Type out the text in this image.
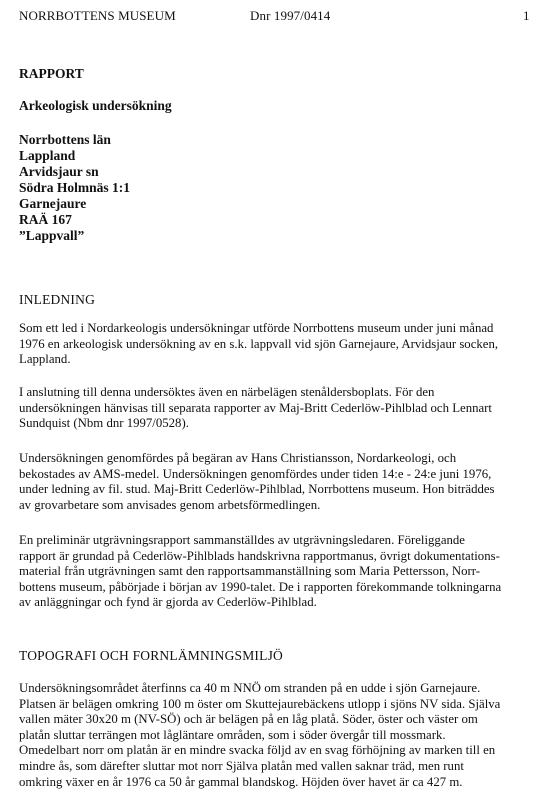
NORRBOTTENS MUSEUM	Dnr 1997/0414	1
RAPPORT
Arkeologisk undersökning
Norrbottens län
Lappland
Arvidsjaur sn
Södra Holmnäs 1:1
Garnejaure
RAÄ 167
”Lappvall”
INLEDNING
Som ett led i Nordarkeologis undersökningar utförde Norrbottens museum under juni månad
1976 en arkeologisk undersökning av en s.k. lappvall vid sjön Garnejaure, Arvidsjaur socken,
Lappland.
I anslutning till denna undersöktes även en närbelägen stenåldersboplats. För den
undersökningen hänvisas till separata rapporter av Maj-Britt Cederlöw-Pihlblad och Lennart
Sundquist (Nbm dnr 1997/0528).
Undersökningen genomfördes på begäran av Hans Christiansson, Nordarkeologi, och
bekostades av AMS-medel. Undersökningen genomfördes under tiden 14:e - 24:e juni 1976,
under ledning av fil. stud. Maj-Britt Cederlöw-Pihlblad, Norrbottens museum. Hon biträddes
av grovarbetare som anvisades genom arbetsförmedlingen.
En preliminär utgrävningsrapport sammanställdes av utgrävningsledaren. Föreliggande
rapport är grundad på Cederlöw-Pihlblads handskrivna rapportmanus, övrigt dokumentations-
material från utgrävningen samt den rapportsammanställning som Maria Pettersson, Norr-
bottens museum, påbörjade i början av 1990-talet. De i rapporten förekommande tolkningarna
av anläggningar och fynd är gjorda av Cederlöw-Pihlblad.
TOPOGRAFI OCH FORNLÄMNINGSMILJÖ
Undersökningsområdet återfinns ca 40 m NNÖ om stranden på en udde i sjön Garnejaure.
Platsen är belägen omkring 100 m öster om Skuttejaurebäckens utlopp i sjöns NV sida. Själva
vallen mäter 30x20 m (NV-SÖ) och är belägen på en låg platå. Söder, öster och väster om
platån sluttar terrängen mot lågläntare områden, som i söder övergår till mossmark.
Omedelbart norr om platån är en mindre svacka följd av en svag förhöjning av marken till en
mindre ås, som därefter sluttar mot norr Själva platån med vallen saknar träd, men runt
omkring växer en år 1976 ca 50 år gammal blandskog. Höjden över havet är ca 427 m.
